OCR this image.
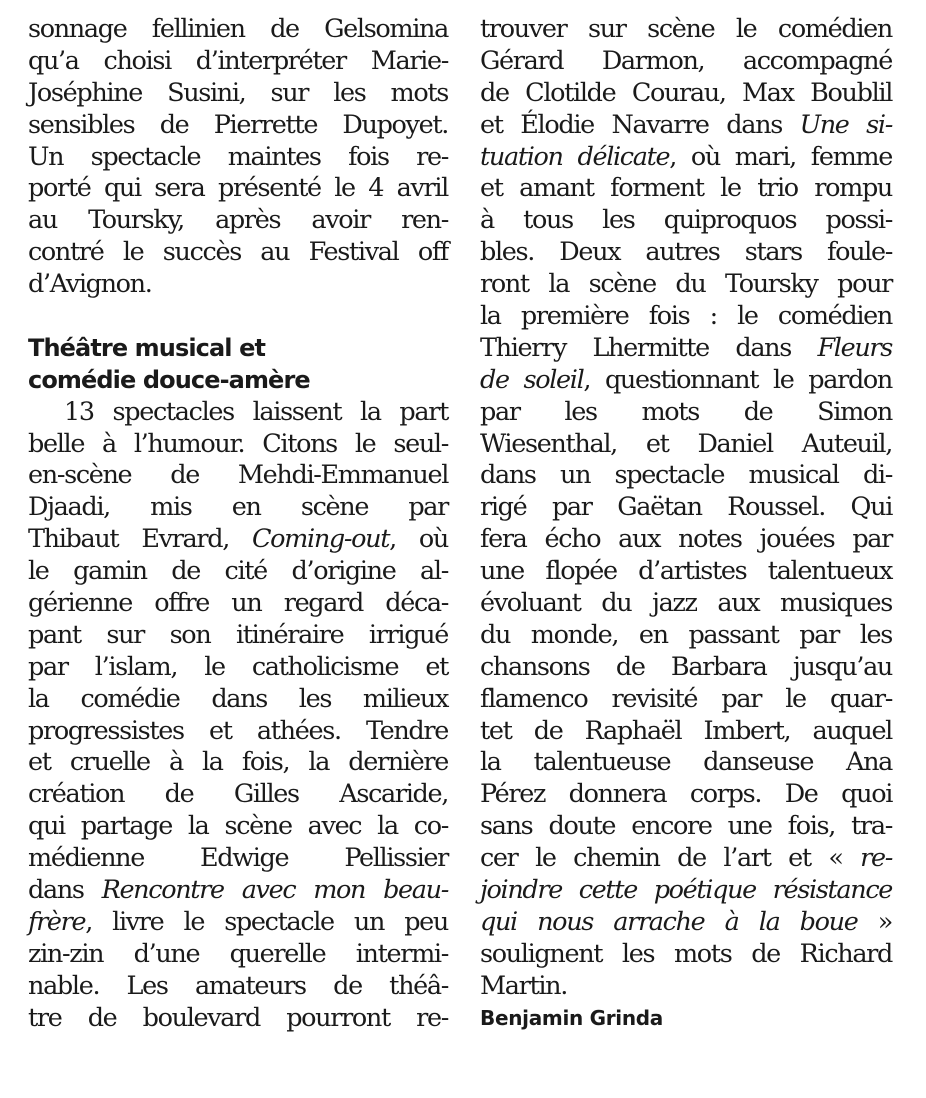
sonnage fellinien de Gelsomina
qu’a choisi d’interpréter Marie-
Joséphine Susini, sur les mots
sensibles de Pierrette Dupoyet.
Un spectacle maintes fois re-
porté qui sera présenté le 4 avril
au Toursky, après avoir ren-
contré le succès au Festival off
d’Avignon.
Théâtre musical et
comédie douce-amère
13 spectacles laissent la part
belle à l’humour. Citons le seul-
en-scène de Mehdi-Emmanuel
Djaadi, mis en scène par
Thibaut Evrard, Coming-out, où
le gamin de cité d’origine al-
gérienne offre un regard déca-
pant sur son itinéraire irrigué
par l’islam, le catholicisme et
la comédie dans les milieux
progressistes et athées. Tendre
et cruelle à la fois, la dernière
création de Gilles Ascaride,
qui partage la scène avec la co-
médienne Edwige Pellissier
dans Rencontre avec mon beau-
frère, livre le spectacle un peu
zin-zin d’une querelle intermi-
nable. Les amateurs de théâ-
tre de boulevard pourront re-
trouver sur scène le comédien
Gérard Darmon, accompagné
de Clotilde Courau, Max Boublil
et Élodie Navarre dans Une si-
tuation délicate, où mari, femme
et amant forment le trio rompu
à tous les quiproquos possi-
bles. Deux autres stars foule-
ront la scène du Toursky pour
la première fois : le comédien
Thierry Lhermitte dans Fleurs
de soleil, questionnant le pardon
par les mots de Simon
Wiesenthal, et Daniel Auteuil,
dans un spectacle musical di-
rigé par Gaëtan Roussel. Qui
fera écho aux notes jouées par
une flopée d’artistes talentueux
évoluant du jazz aux musiques
du monde, en passant par les
chansons de Barbara jusqu’au
flamenco revisité par le quar-
tet de Raphaël Imbert, auquel
la talentueuse danseuse Ana
Pérez donnera corps. De quoi
sans doute encore une fois, tra-
cer le chemin de l’art et « re-
joindre cette poétique résistance
qui nous arrache à la boue »
soulignent les mots de Richard
Martin.
Benjamin Grinda
